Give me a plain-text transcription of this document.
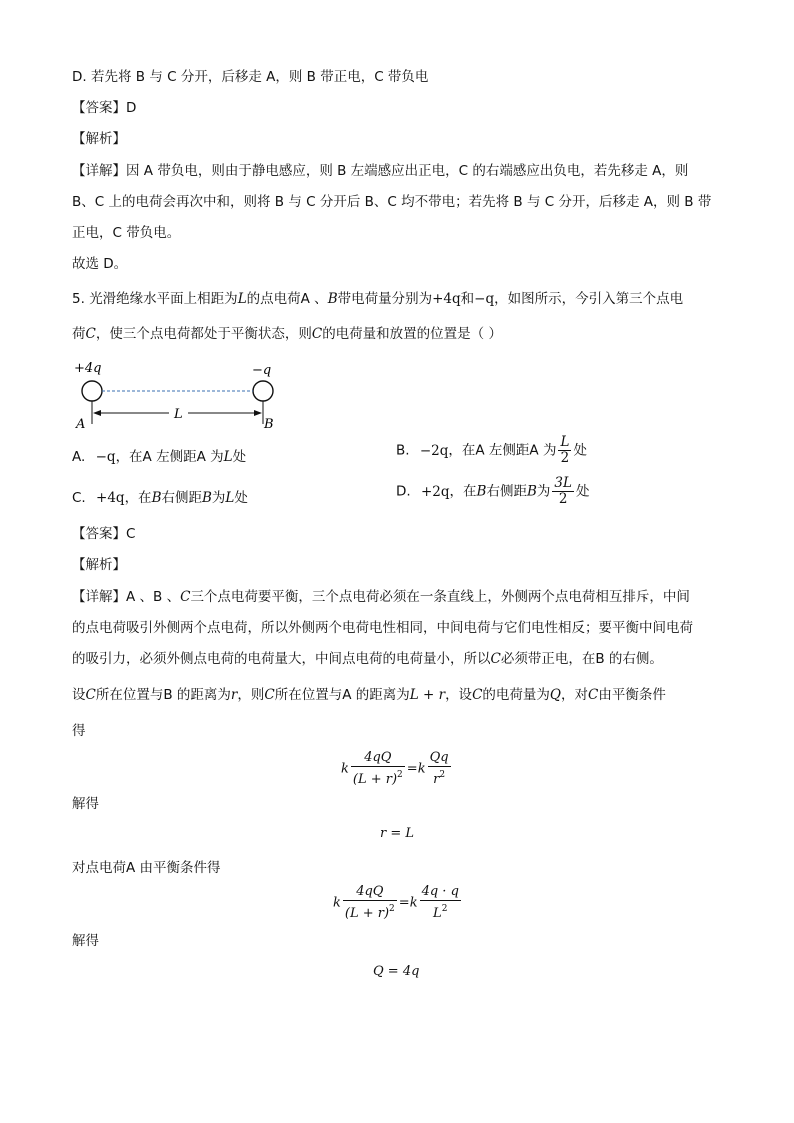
D. 若先将 B 与 C 分开，后移走 A，则 B 带正电，C 带负电
【答案】D
【解析】
【详解】因 A 带负电，则由于静电感应，则 B 左端感应出正电，C 的右端感应出负电，若先移走 A，则
B、C 上的电荷会再次中和，则将 B 与 C 分开后 B、C 均不带电；若先将 B 与 C 分开，后移走 A，则 B 带
正电，C 带负电。
故选 D。
5. 光滑绝缘水平面上相距为L的点电荷A 、B带电荷量分别为+4q和−q，如图所示，今引入第三个点电
荷C，使三个点电荷都处于平衡状态，则C的电荷量和放置的位置是（ ）
+4q	−q
L
A	B
A. −q，在A 左侧距A 为L处	B. −2q，在A 左侧距A 为 $\frac{L}{2}$ 处
C. +4q，在B右侧距B为L处	D. +2q，在B右侧距B为 $\frac{3L}{2}$ 处
【答案】C
【解析】
【详解】A 、B 、C三个点电荷要平衡，三个点电荷必须在一条直线上，外侧两个点电荷相互排斥，中间
的点电荷吸引外侧两个点电荷，所以外侧两个电荷电性相同，中间电荷与它们电性相反；要平衡中间电荷
的吸引力，必须外侧点电荷的电荷量大，中间点电荷的电荷量小，所以C必须带正电，在B 的右侧。
设C所在位置与B 的距离为r，则C所在位置与A 的距离为L + r，设C的电荷量为Q，对C由平衡条件
得
k $\frac{4qQ}{(L + r)^2} =k \frac{Qq}{r^2}$
解得
r = L
对点电荷A 由平衡条件得
k $\frac{4qQ}{(L + r)^2} =k \frac{4q \cdot q}{L^2}$
解得
Q = 4q
